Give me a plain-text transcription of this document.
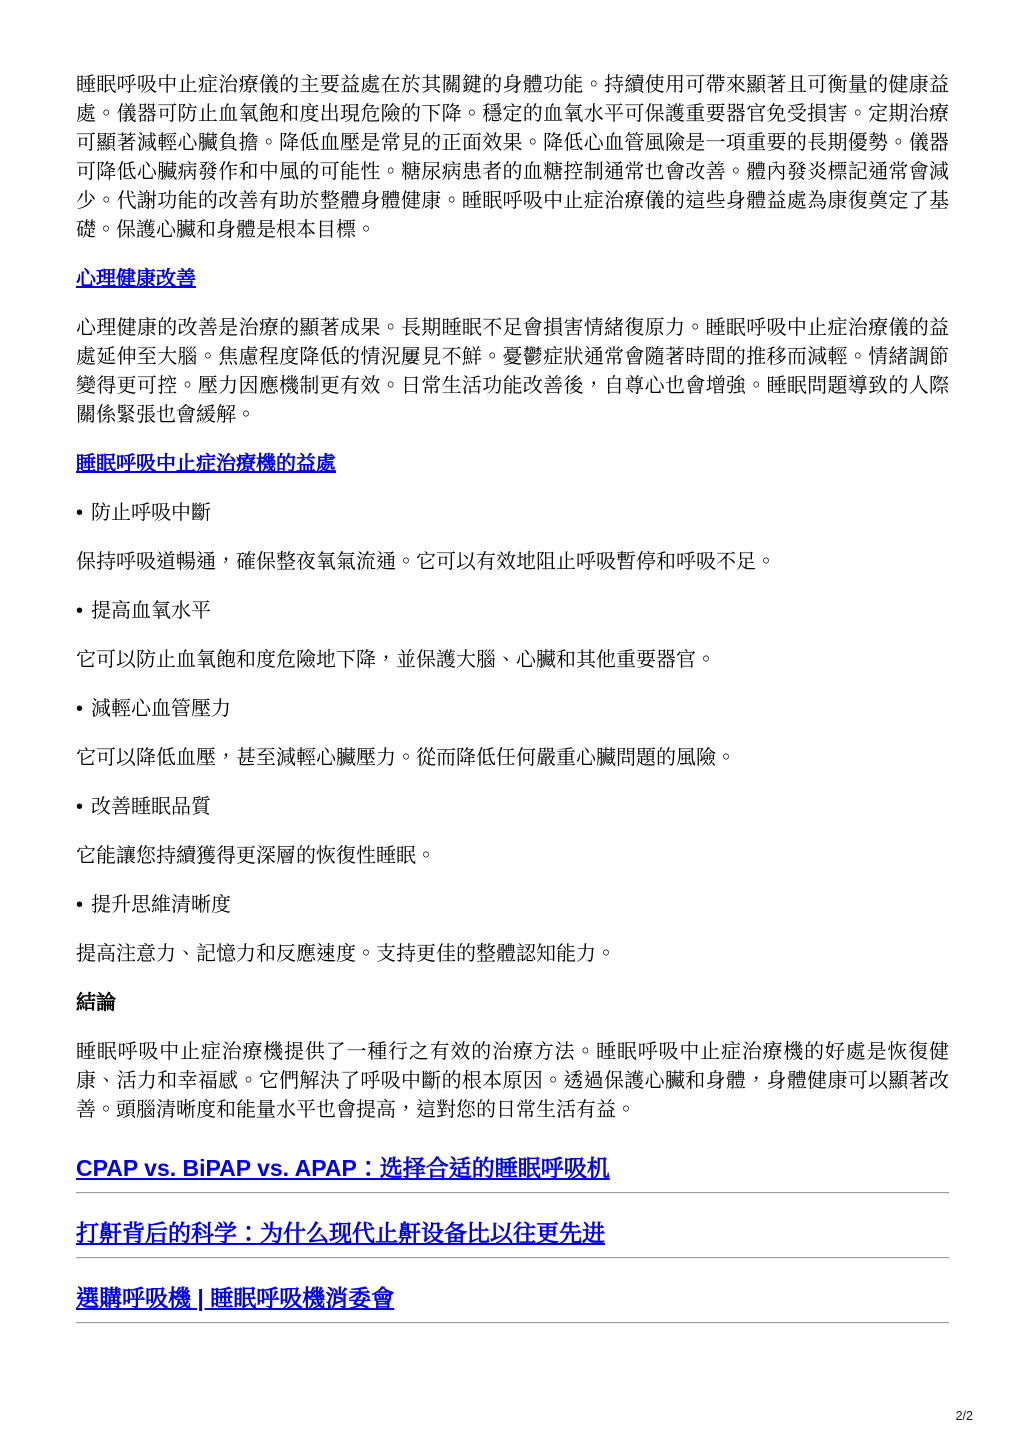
睡眠呼吸中止症治療儀的主要益處在於其關鍵的身體功能。持續使用可帶來顯著且可衡量的健康益處。儀器可防止血氧飽和度出現危險的下降。穩定的血氧水平可保護重要器官免受損害。定期治療可顯著減輕心臟負擔。降低血壓是常見的正面效果。降低心血管風險是一項重要的長期優勢。儀器可降低心臟病發作和中風的可能性。糖尿病患者的血糖控制通常也會改善。體內發炎標記通常會減少。代謝功能的改善有助於整體身體健康。睡眠呼吸中止症治療儀的這些身體益處為康復奠定了基礎。保護心臟和身體是根本目標。

心理健康改善

心理健康的改善是治療的顯著成果。長期睡眠不足會損害情緒復原力。睡眠呼吸中止症治療儀的益處延伸至大腦。焦慮程度降低的情況屢見不鮮。憂鬱症狀通常會隨著時間的推移而減輕。情緒調節變得更可控。壓力因應機制更有效。日常生活功能改善後，自尊心也會增強。睡眠問題導致的人際關係緊張也會緩解。

睡眠呼吸中止症治療機的益處

• 防止呼吸中斷

保持呼吸道暢通，確保整夜氧氣流通。它可以有效地阻止呼吸暫停和呼吸不足。

• 提高血氧水平

它可以防止血氧飽和度危險地下降，並保護大腦、心臟和其他重要器官。

• 減輕心血管壓力

它可以降低血壓，甚至減輕心臟壓力。從而降低任何嚴重心臟問題的風險。

• 改善睡眠品質

它能讓您持續獲得更深層的恢復性睡眠。

• 提升思維清晰度

提高注意力、記憶力和反應速度。支持更佳的整體認知能力。

結論

睡眠呼吸中止症治療機提供了一種行之有效的治療方法。睡眠呼吸中止症治療機的好處是恢復健康、活力和幸福感。它們解決了呼吸中斷的根本原因。透過保護心臟和身體，身體健康可以顯著改善。頭腦清晰度和能量水平也會提高，這對您的日常生活有益。

CPAP vs. BiPAP vs. APAP：选择合适的睡眠呼吸机
打鼾背后的科学：为什么现代止鼾设备比以往更先进
選購呼吸機 | 睡眠呼吸機消委會
2/2
